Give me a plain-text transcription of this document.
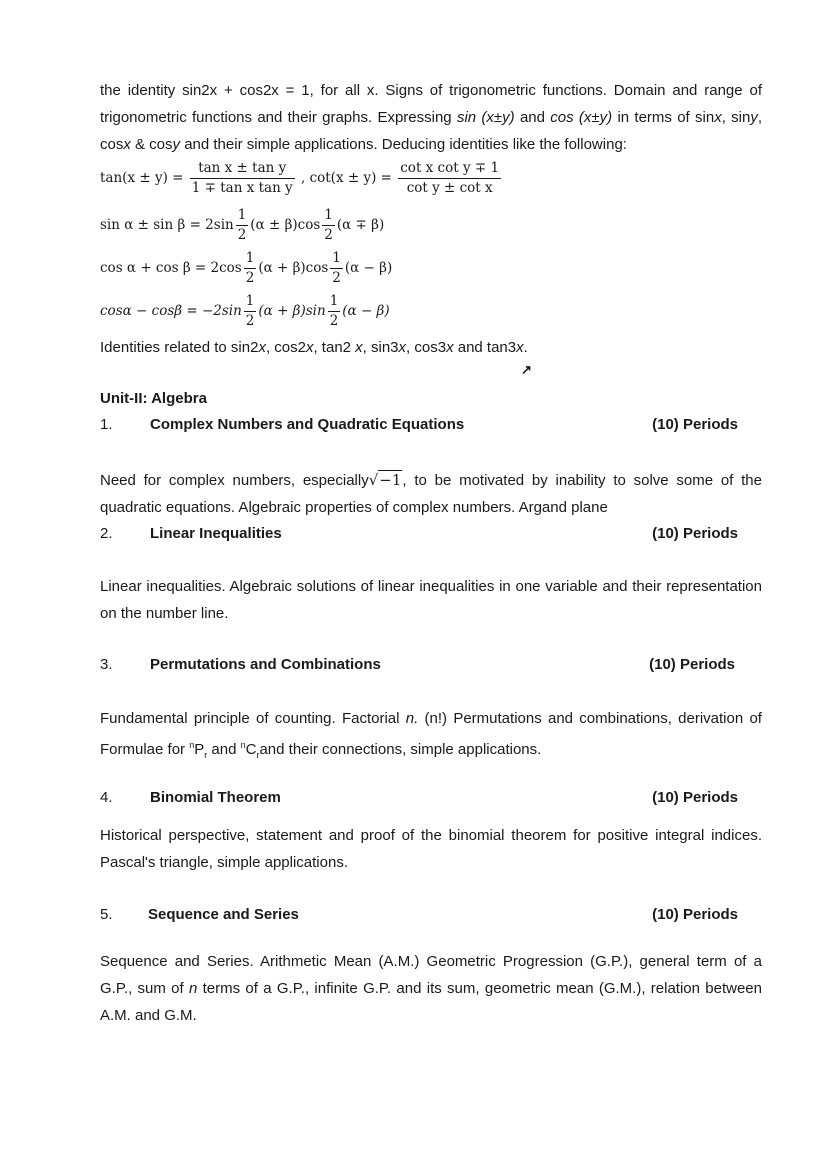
the identity sin2x + cos2x = 1, for all x. Signs of trigonometric functions. Domain and range of trigonometric functions and their graphs. Expressing sin (x±y) and cos (x±y) in terms of sinx, siny, cosx & cosy and their simple applications. Deducing identities like the following:

$\tan(x \pm y) = \frac{\text{tan x ± tan y}}{\text{1 ∓ tan x tan y}}$ , $\cot(x \pm y) = \frac{\text{cot x cot y ∓ 1}}{\text{cot y ± cot x}}$
$\sin \alpha \pm \sin \beta = 2\sin \frac{1}{2} (\alpha \pm \beta)\cos \frac{1}{2} (\alpha \mp \beta)$
$\cos \alpha + \cos \beta = 2\cos \frac{1}{2} (\alpha + \beta)\cos \frac{1}{2} (\alpha - \beta)$
$\cos\alpha - \cos\beta = -2\sin \frac{1}{2} (\alpha + \beta)\sin \frac{1}{2} (\alpha - \beta)$

Identities related to sin2x, cos2x, tan2 x, sin3x, cos3x and tan3x.

↗
Unit-II: Algebra
1. Complex Numbers and Quadratic Equations	(10) Periods

Need for complex numbers, especially√−1, to be motivated by inability to solve some of the quadratic equations. Algebraic properties of complex numbers. Argand plane

2. Linear Inequalities	(10) Periods

Linear inequalities. Algebraic solutions of linear inequalities in one variable and their representation on the number line.

3. Permutations and Combinations	(10) Periods

Fundamental principle of counting. Factorial n. (n!) Permutations and combinations, derivation of Formulae for $^nP_r$ and $^nC_rand$ their connections, simple applications.

4. Binomial Theorem	(10) Periods

Historical perspective, statement and proof of the binomial theorem for positive integral indices. Pascal's triangle, simple applications.

5. Sequence and Series	(10) Periods

Sequence and Series. Arithmetic Mean (A.M.) Geometric Progression (G.P.), general term of a G.P., sum of n terms of a G.P., infinite G.P. and its sum, geometric mean (G.M.), relation between A.M. and G.M.
